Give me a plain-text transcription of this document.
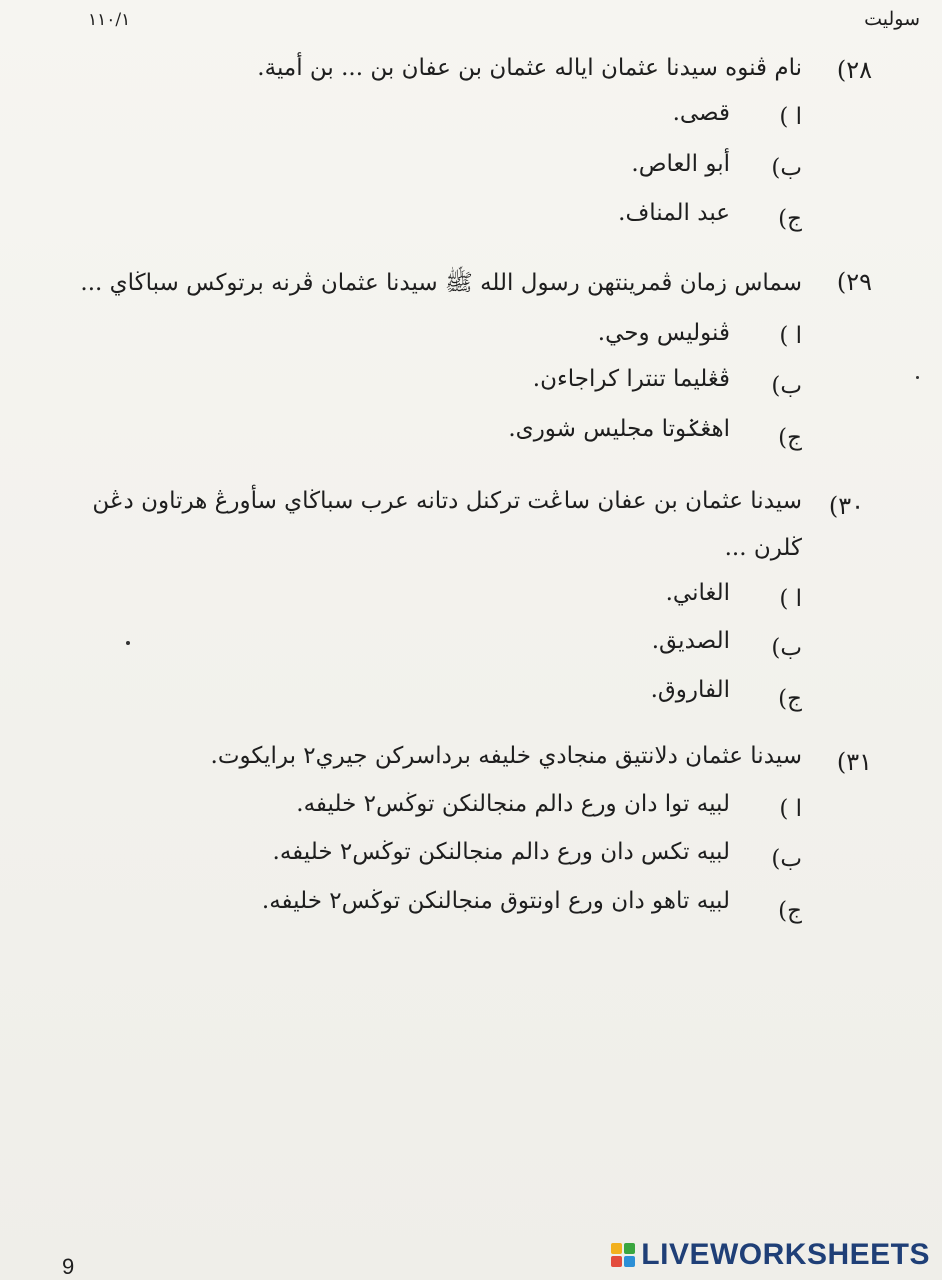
سوليت
١١٠/١
٢٨)
نام ڤنوه سيدنا عثمان اياله عثمان بن عفان بن ... بن أمية.
ا )
قصى.
ب)
أبو العاص.
ج)
عبد المناف.
٢٩)
سماس زمان ڤمرينتهن رسول الله ﷺ سيدنا عثمان ڤرنه برتوكس سباڬاي ...
ا )
ڤنوليس وحي.
ب)
ڤڠليما تنترا كراجاءن.
ج)
اهڠݢوتا مجليس شورى.
٣٠)
سيدنا عثمان بن عفان ساڠت تركنل دتانه عرب سباڬاي سأورڠ هرتاون دڠن
ڬلرن ...
ا )
الغاني.
ب)
الصديق.
ج)
الفاروق.
٣١)
سيدنا عثمان دلانتيق منجادي خليفه برداسركن جيري٢ برايكوت.
ا )
لبيه توا دان ورع دالم منجالنكن توڬس٢ خليفه.
ب)
لبيه تكس دان ورع دالم منجالنكن توڬس٢ خليفه.
ج)
لبيه تاهو دان ورع اونتوق منجالنكن توڬس٢ خليفه.
9	LIVEWORKSHEETS
